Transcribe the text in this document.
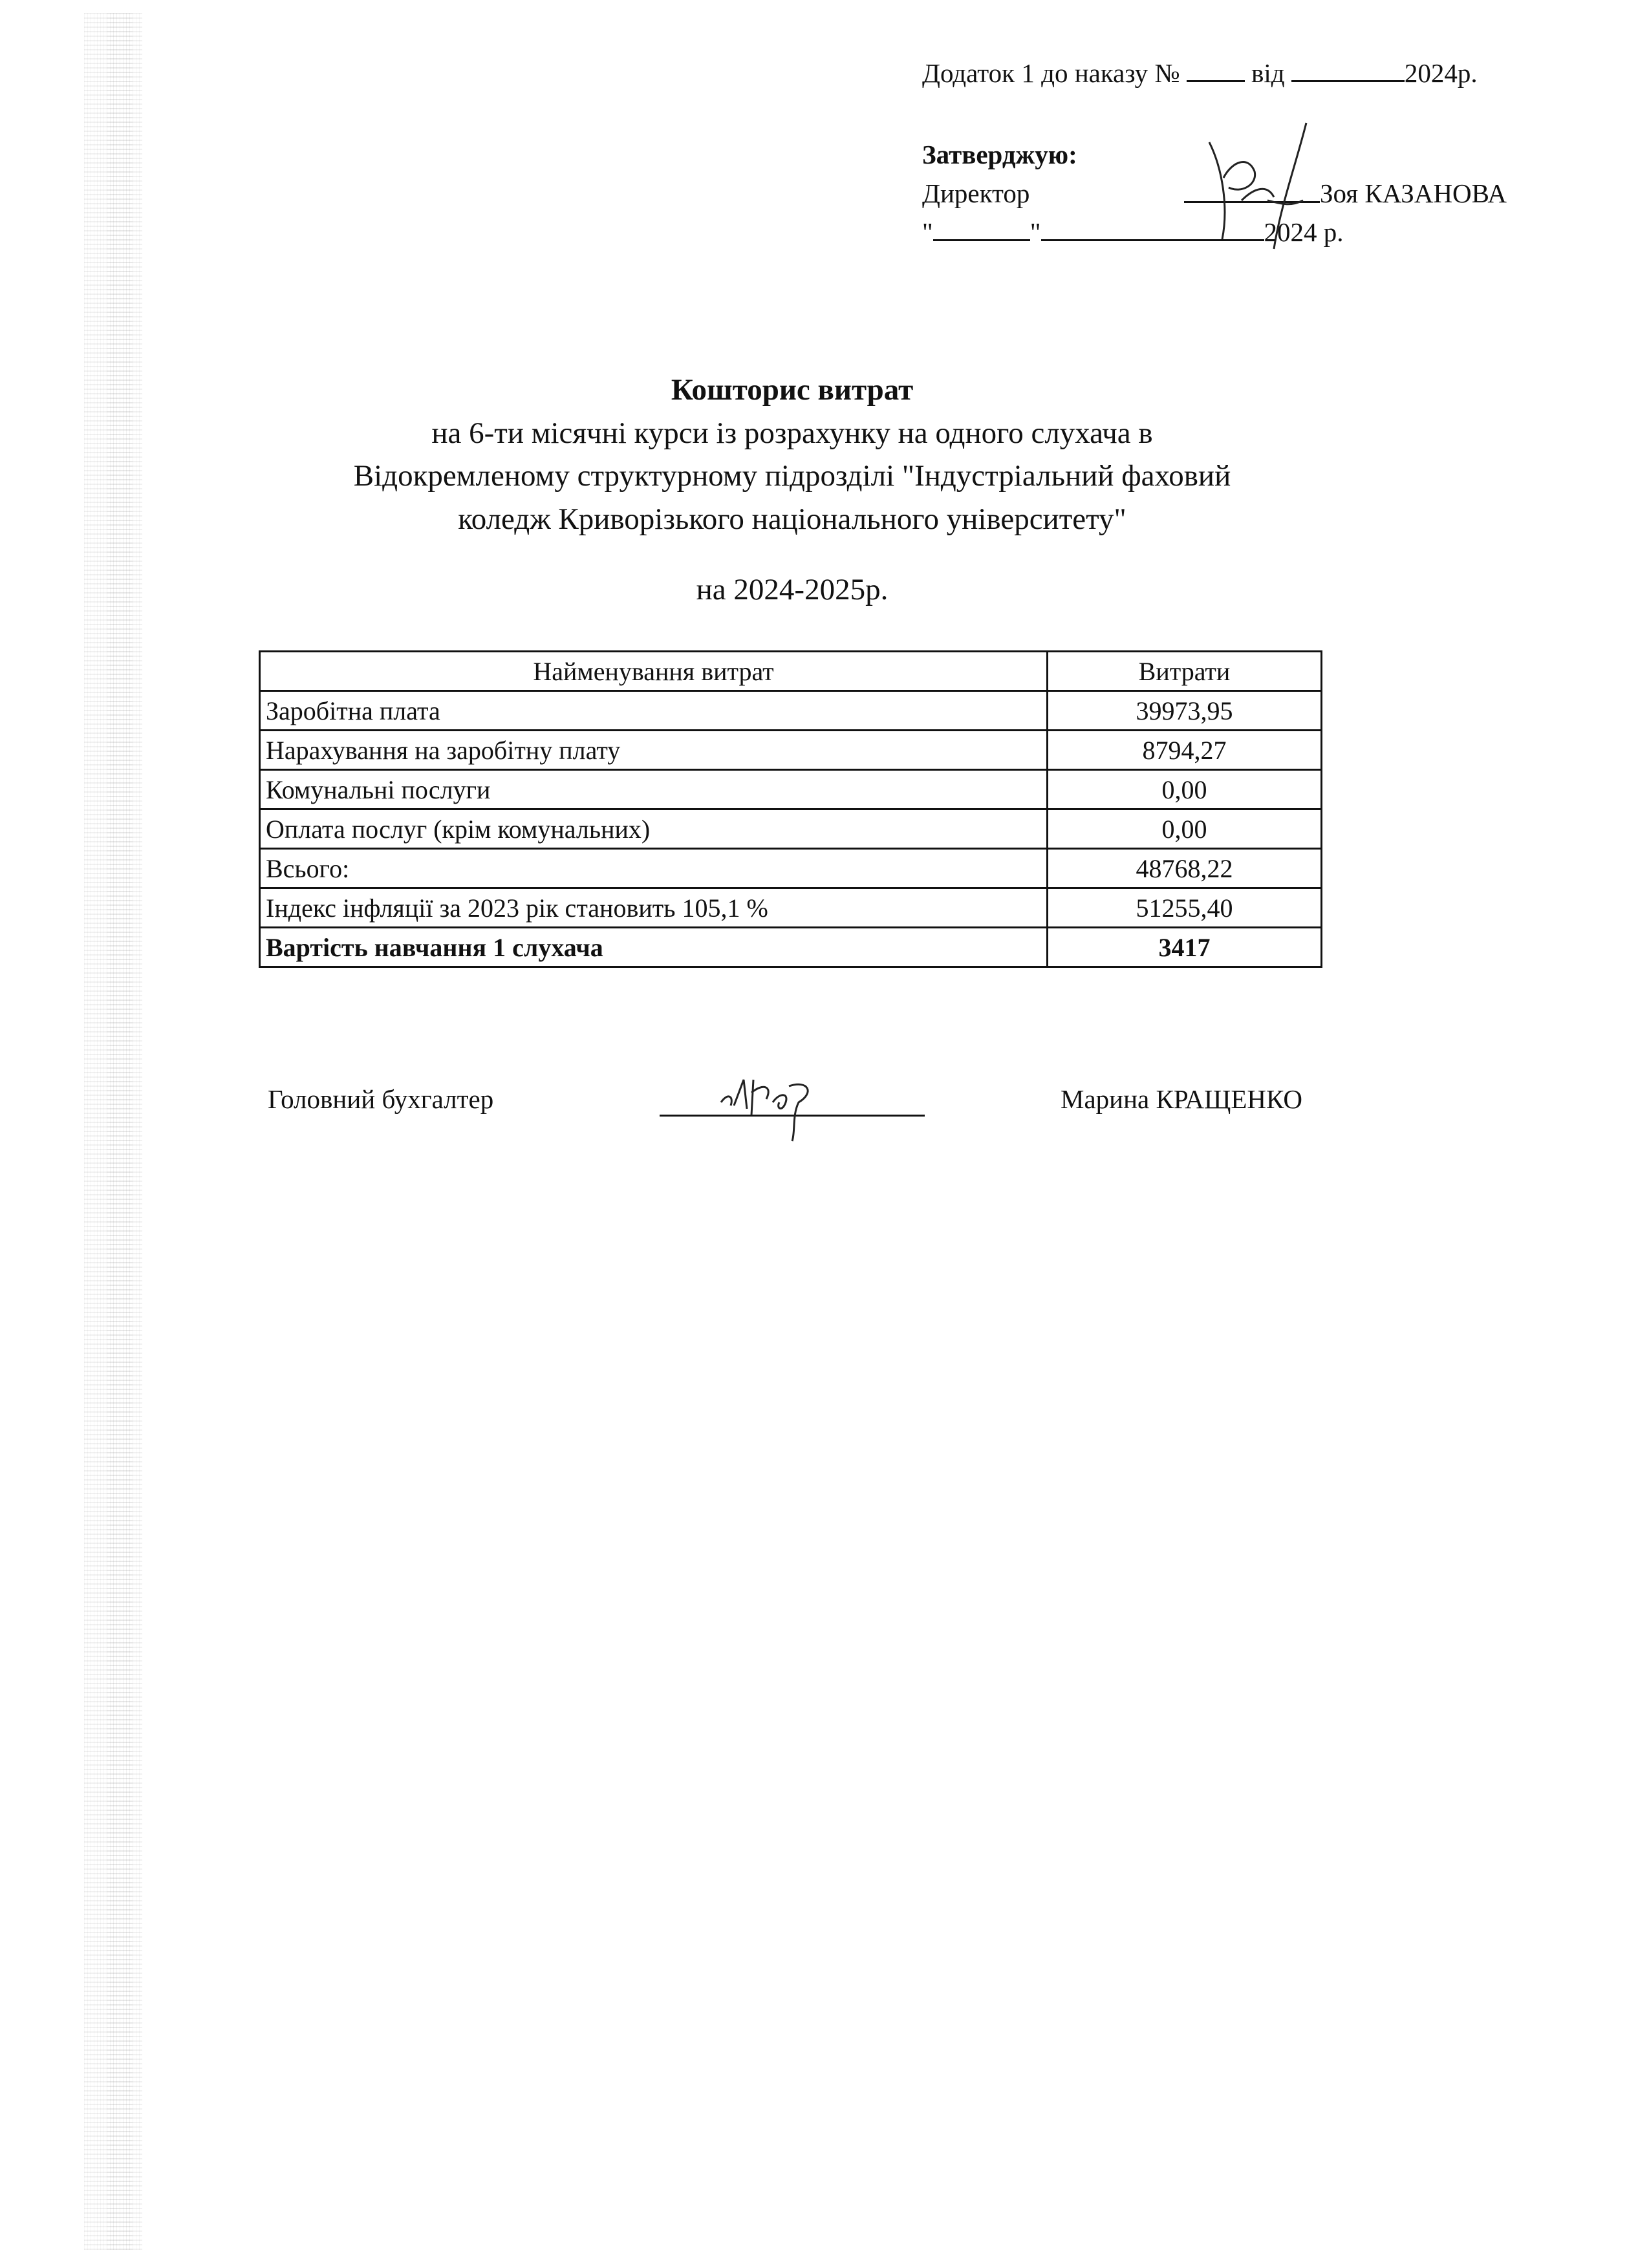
Додаток 1 до наказу №	від	2024р.
Затверджую:
Директор	Зоя КАЗАНОВА
"	"	2024 р.
Кошторис витрат
на 6-ти місячні курси із розрахунку на одного слухача в
Відокремленому структурному підрозділі "Індустріальний фаховий
коледж Криворізького національного університету"
на 2024-2025р.
Найменування витрат	Витрати
Заробітна плата	39973,95
Нарахування на заробітну плату	8794,27
Комунальні послуги	0,00
Оплата послуг (крім комунальних)	0,00
Всього:	48768,22
Індекс інфляції за 2023 рік становить 105,1 %	51255,40
Вартість навчання 1 слухача	3417
Головний бухгалтер	Марина КРАЩЕНКО
